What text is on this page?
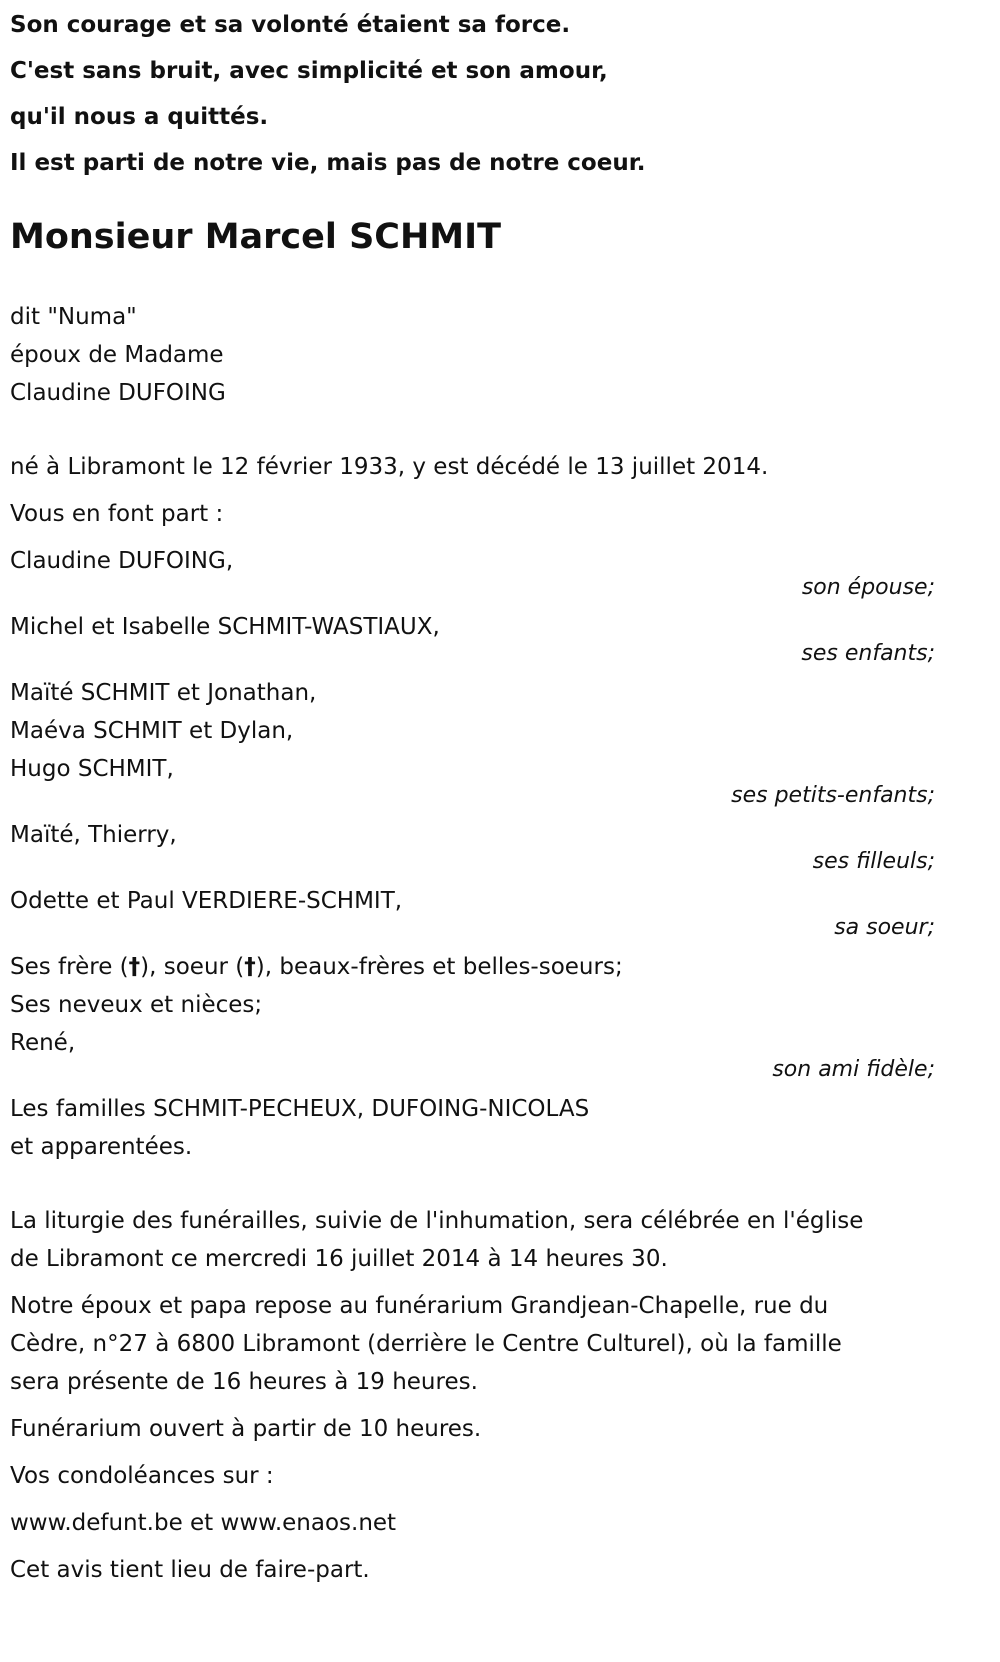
Son courage et sa volonté étaient sa force.

C'est sans bruit, avec simplicité et son amour,

qu'il nous a quittés.

Il est parti de notre vie, mais pas de notre coeur.

Monsieur Marcel SCHMIT

dit "Numa"

époux de Madame

Claudine DUFOING

né à Libramont le 12 février 1933, y est décédé le 13 juillet 2014.

Vous en font part :

Claudine DUFOING,

son épouse;

Michel et Isabelle SCHMIT-WASTIAUX,

ses enfants;

Maïté SCHMIT et Jonathan,

Maéva SCHMIT et Dylan,

Hugo SCHMIT,

ses petits-enfants;

Maïté, Thierry,

ses filleuls;

Odette et Paul VERDIERE-SCHMIT,

sa soeur;

Ses frère (†), soeur (†), beaux-frères et belles-soeurs;

Ses neveux et nièces;

René,

son ami fidèle;

Les familles SCHMIT-PECHEUX, DUFOING-NICOLAS

et apparentées.

La liturgie des funérailles, suivie de l'inhumation, sera célébrée en l'église

de Libramont ce mercredi 16 juillet 2014 à 14 heures 30.

Notre époux et papa repose au funérarium Grandjean-Chapelle, rue du

Cèdre, n°27 à 6800 Libramont (derrière le Centre Culturel), où la famille

sera présente de 16 heures à 19 heures.

Funérarium ouvert à partir de 10 heures.

Vos condoléances sur :

www.defunt.be et www.enaos.net

Cet avis tient lieu de faire-part.
